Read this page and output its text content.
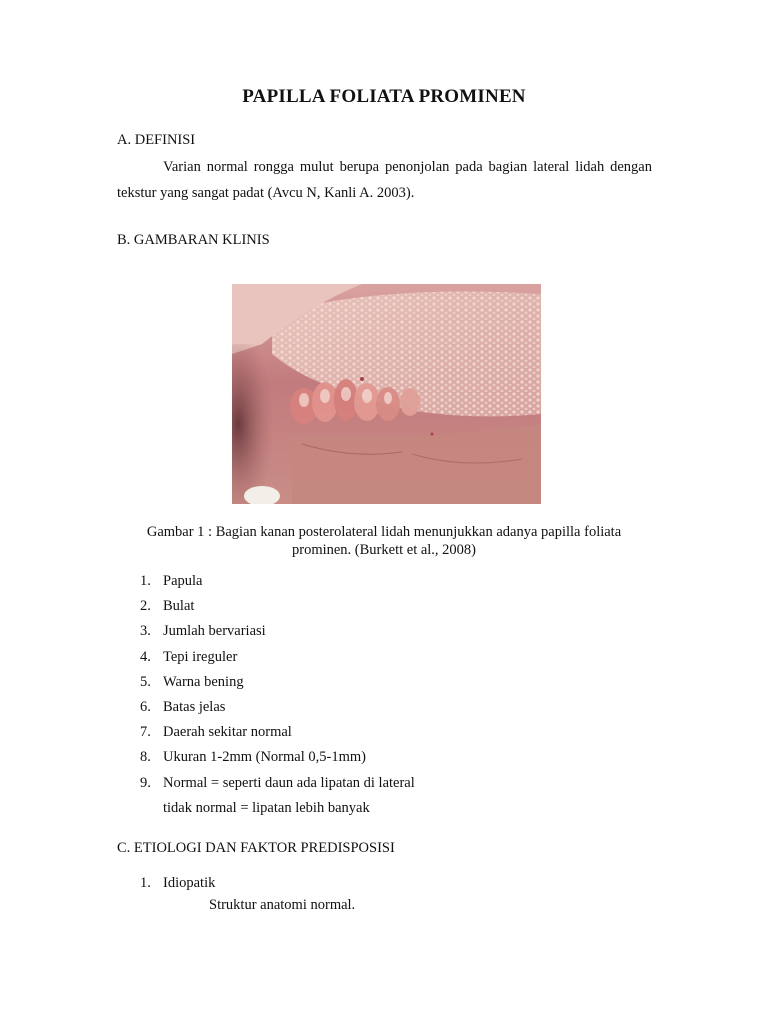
PAPILLA FOLIATA PROMINEN
A. DEFINISI
Varian normal rongga mulut berupa penonjolan pada bagian lateral lidah dengan tekstur yang sangat padat (Avcu N, Kanli A. 2003).
B. GAMBARAN KLINIS
Gambar 1 : Bagian kanan posterolateral lidah menunjukkan adanya papilla foliata
prominen. (Burkett et al., 2008)
1. Papula
2. Bulat
3. Jumlah bervariasi
4. Tepi ireguler
5. Warna bening
6. Batas jelas
7. Daerah sekitar normal
8. Ukuran 1-2mm (Normal 0,5-1mm)
9. Normal = seperti daun ada lipatan di lateral
tidak normal = lipatan lebih banyak
C. ETIOLOGI DAN FAKTOR PREDISPOSISI
1. Idiopatik
Struktur anatomi normal.
